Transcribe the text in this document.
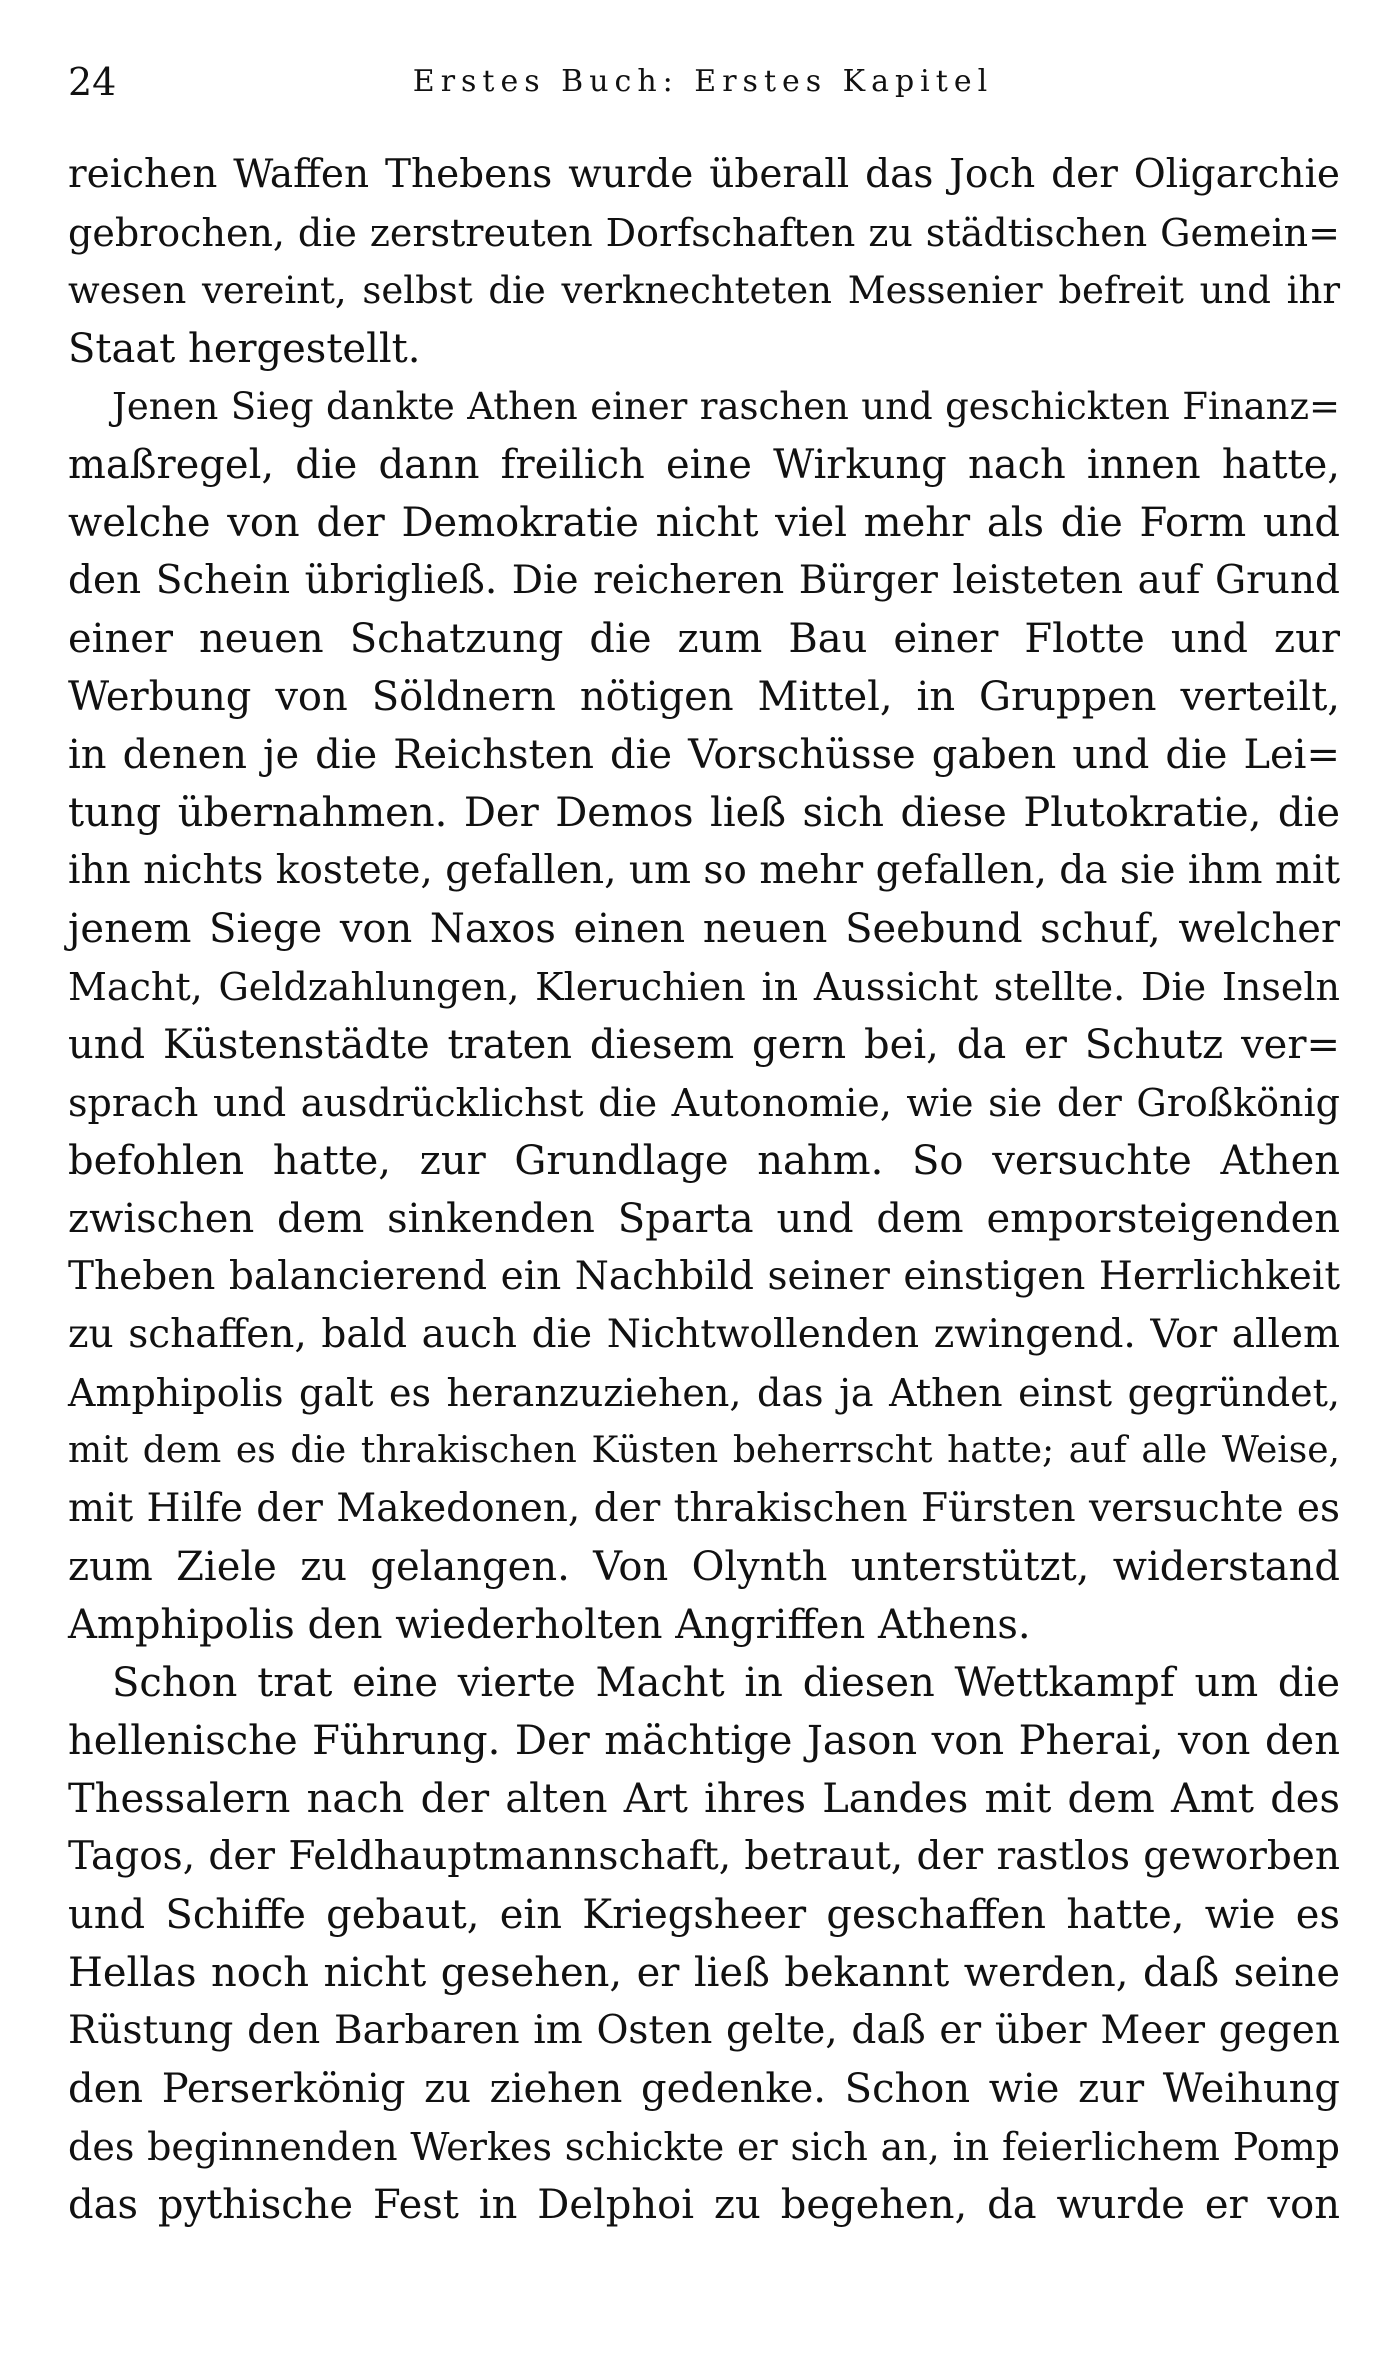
24	Erstes Buch: Erstes Kapitel
reichen Waffen Thebens wurde überall das Joch der Oligarchie
gebrochen, die zerstreuten Dorfschaften zu städtischen Gemein=
wesen vereint, selbst die verknechteten Messenier befreit und ihr
Staat hergestellt.
Jenen Sieg dankte Athen einer raschen und geschickten Finanz=
maßregel, die dann freilich eine Wirkung nach innen hatte,
welche von der Demokratie nicht viel mehr als die Form und
den Schein übrigließ. Die reicheren Bürger leisteten auf Grund
einer neuen Schatzung die zum Bau einer Flotte und zur
Werbung von Söldnern nötigen Mittel, in Gruppen verteilt,
in denen je die Reichsten die Vorschüsse gaben und die Lei=
tung übernahmen. Der Demos ließ sich diese Plutokratie, die
ihn nichts kostete, gefallen, um so mehr gefallen, da sie ihm mit
jenem Siege von Naxos einen neuen Seebund schuf, welcher
Macht, Geldzahlungen, Kleruchien in Aussicht stellte. Die Inseln
und Küstenstädte traten diesem gern bei, da er Schutz ver=
sprach und ausdrücklichst die Autonomie, wie sie der Großkönig
befohlen hatte, zur Grundlage nahm. So versuchte Athen
zwischen dem sinkenden Sparta und dem emporsteigenden
Theben balancierend ein Nachbild seiner einstigen Herrlichkeit
zu schaffen, bald auch die Nichtwollenden zwingend. Vor allem
Amphipolis galt es heranzuziehen, das ja Athen einst gegründet,
mit dem es die thrakischen Küsten beherrscht hatte; auf alle Weise,
mit Hilfe der Makedonen, der thrakischen Fürsten versuchte es
zum Ziele zu gelangen. Von Olynth unterstützt, widerstand
Amphipolis den wiederholten Angriffen Athens.
Schon trat eine vierte Macht in diesen Wettkampf um die
hellenische Führung. Der mächtige Jason von Pherai, von den
Thessalern nach der alten Art ihres Landes mit dem Amt des
Tagos, der Feldhauptmannschaft, betraut, der rastlos geworben
und Schiffe gebaut, ein Kriegsheer geschaffen hatte, wie es
Hellas noch nicht gesehen, er ließ bekannt werden, daß seine
Rüstung den Barbaren im Osten gelte, daß er über Meer gegen
den Perserkönig zu ziehen gedenke. Schon wie zur Weihung
des beginnenden Werkes schickte er sich an, in feierlichem Pomp
das pythische Fest in Delphoi zu begehen, da wurde er von
